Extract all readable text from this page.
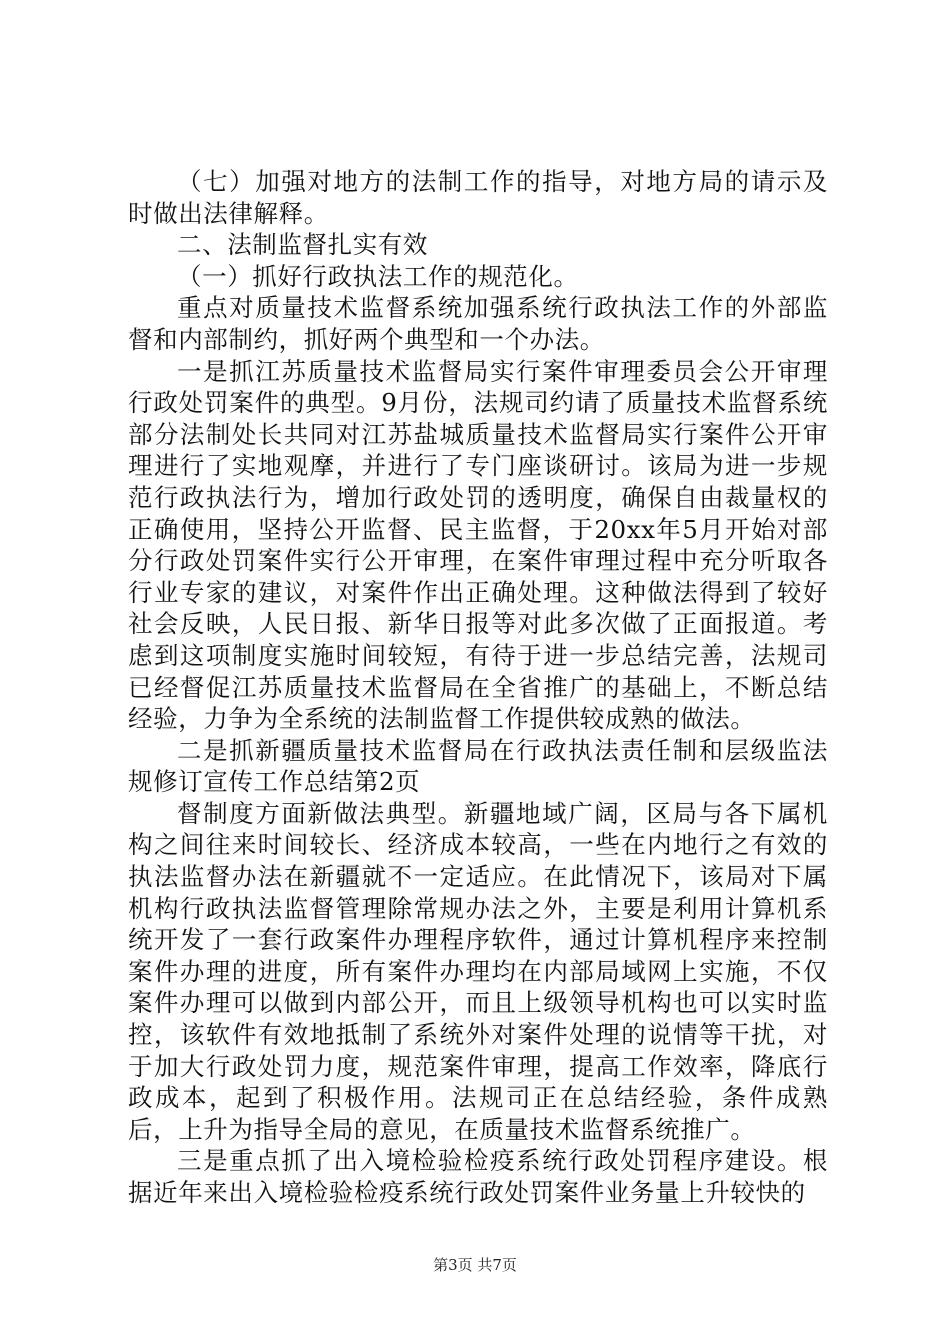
（七）加强对地方的法制工作的指导，对地方局的请示及时做出法律解释。

二、法制监督扎实有效

（一）抓好行政执法工作的规范化。

重点对质量技术监督系统加强系统行政执法工作的外部监督和内部制约，抓好两个典型和一个办法。

一是抓江苏质量技术监督局实行案件审理委员会公开审理行政处罚案件的典型。9月份，法规司约请了质量技术监督系统部分法制处长共同对江苏盐城质量技术监督局实行案件公开审理进行了实地观摩，并进行了专门座谈研讨。该局为进一步规范行政执法行为，增加行政处罚的透明度，确保自由裁量权的正确使用，坚持公开监督、民主监督，于20xx年5月开始对部分行政处罚案件实行公开审理，在案件审理过程中充分听取各行业专家的建议，对案件作出正确处理。这种做法得到了较好社会反映，人民日报、新华日报等对此多次做了正面报道。考虑到这项制度实施时间较短，有待于进一步总结完善，法规司已经督促江苏质量技术监督局在全省推广的基础上，不断总结经验，力争为全系统的法制监督工作提供较成熟的做法。

二是抓新疆质量技术监督局在行政执法责任制和层级监法规修订宣传工作总结第2页

督制度方面新做法典型。新疆地域广阔，区局与各下属机构之间往来时间较长、经济成本较高，一些在内地行之有效的执法监督办法在新疆就不一定适应。在此情况下，该局对下属机构行政执法监督管理除常规办法之外，主要是利用计算机系统开发了一套行政案件办理程序软件，通过计算机程序来控制案件办理的进度，所有案件办理均在内部局域网上实施，不仅案件办理可以做到内部公开，而且上级领导机构也可以实时监控，该软件有效地抵制了系统外对案件处理的说情等干扰，对于加大行政处罚力度，规范案件审理，提高工作效率，降底行政成本，起到了积极作用。法规司正在总结经验，条件成熟后，上升为指导全局的意见，在质量技术监督系统推广。

三是重点抓了出入境检验检疫系统行政处罚程序建设。根据近年来出入境检验检疫系统行政处罚案件业务量上升较快的

第3页 共7页
